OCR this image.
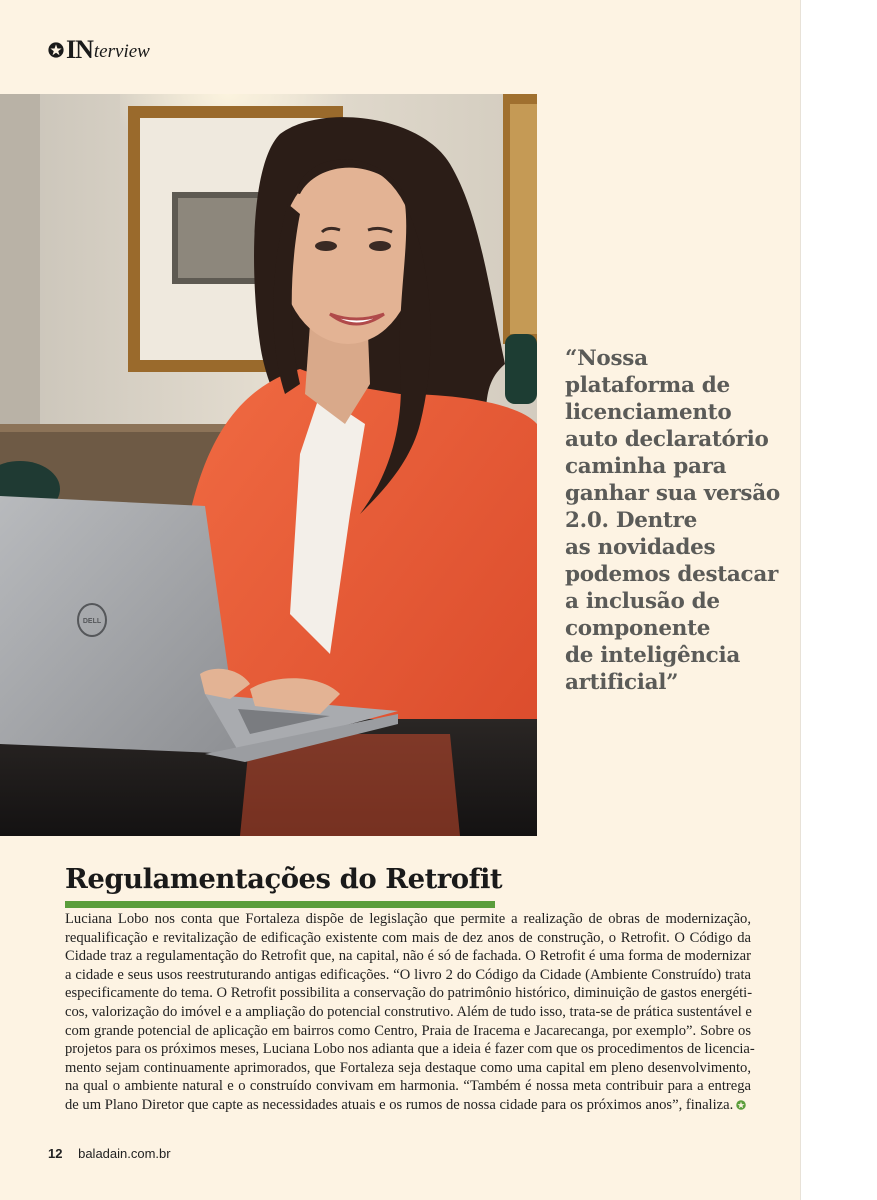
IN terview
DELL
“Nossa
plataforma de
licenciamento
auto declaratório
caminha para
ganhar sua versão
2.0. Dentre
as novidades
podemos destacar
a inclusão de
componente
de inteligência
artificial”
Regulamentações do Retrofit
Luciana Lobo nos conta que Fortaleza dispõe de legislação que permite a realização de obras de modernização,
requalificação e revitalização de edificação existente com mais de dez anos de construção, o Retrofit. O Código da
Cidade traz a regulamentação do Retrofit que, na capital, não é só de fachada. O Retrofit é uma forma de modernizar
a cidade e seus usos reestruturando antigas edificações. “O livro 2 do Código da Cidade (Ambiente Construído) trata
especificamente do tema. O Retrofit possibilita a conservação do patrimônio histórico, diminuição de gastos energéti-
cos, valorização do imóvel e a ampliação do potencial construtivo. Além de tudo isso, trata-se de prática sustentável e
com grande potencial de aplicação em bairros como Centro, Praia de Iracema e Jacarecanga, por exemplo”. Sobre os
projetos para os próximos meses, Luciana Lobo nos adianta que a ideia é fazer com que os procedimentos de licencia-
mento sejam continuamente aprimorados, que Fortaleza seja destaque como uma capital em pleno desenvolvimento,
na qual o ambiente natural e o construído convivam em harmonia. “Também é nossa meta contribuir para a entrega
de um Plano Diretor que capte as necessidades atuais e os rumos de nossa cidade para os próximos anos”, finaliza.
12 baladain.com.br
